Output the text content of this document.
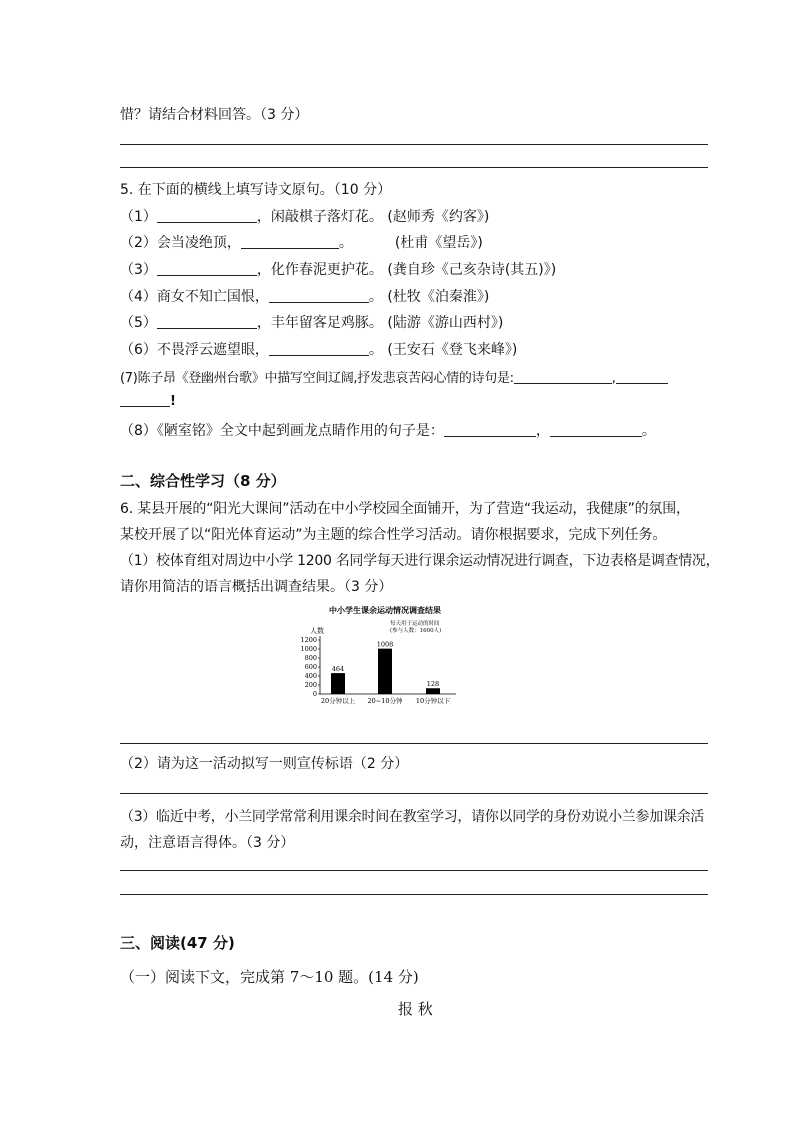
惜？请结合材料回答。（3 分）
5. 在下面的横线上填写诗文原句。（10 分）
（1）	，闲敲棋子落灯花。 (赵师秀《约客》)
（2）会当凌绝顶，	。	(杜甫《望岳》)
（3）	，化作春泥更护花。 (龚自珍《己亥杂诗(其五)》)
（4）商女不知亡国恨，	。 (杜牧《泊秦淮》)
（5）	，丰年留客足鸡豚。 (陆游《游山西村》)
（6）不畏浮云遮望眼，	。 (王安石《登飞来峰》)
(7)陈子昂《登幽州台歌》中描写空间辽阔,抒发悲哀苦闷心情的诗句是:	,
!
（8）《陋室铭》全文中起到画龙点睛作用的句子是：	，	。
二、综合性学习（8 分）
6. 某县开展的“阳光大课间”活动在中小学校园全面铺开，为了营造“我运动，我健康”的氛围，
某校开展了以“阳光体育运动”为主题的综合性学习活动。请你根据要求，完成下列任务。
（1）校体育组对周边中小学 1200 名同学每天进行课余运动情况进行调查，下边表格是调查情况，
请你用简洁的语言概括出调查结果。（3 分）
中小学生课余运动情况调查结果
人数
每天用于运动的时间
(参与人数：1600人)
1200
1000
800
600
400
200
0
464
20分钟以上
1008
20~10分钟
128
10分钟以下
（2）请为这一活动拟写一则宣传标语（2 分）
（3）临近中考，小兰同学常常利用课余时间在教室学习，请你以同学的身份劝说小兰参加课余活
动，注意语言得体。（3 分）
三、阅读(47 分)
（一）阅读下文，完成第 7～10 题。(14 分)
报 秋
